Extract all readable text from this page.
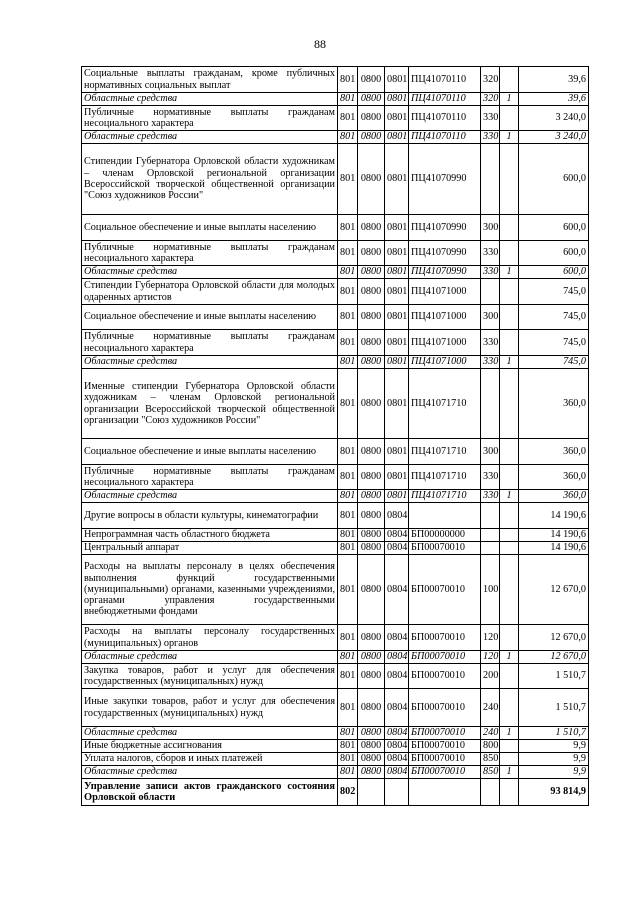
88
Социальные выплаты гражданам, кроме публичных нормативных социальных выплат	801	0800	0801	ПЦ41070110	320		39,6
Областные средства	801	0800	0801	ПЦ41070110	320	1	39,6
Публичные нормативные выплаты гражданам несоциального характера	801	0800	0801	ПЦ41070110	330		3 240,0
Областные средства	801	0800	0801	ПЦ41070110	330	1	3 240,0
Стипендии Губернатора Орловской области художникам – членам Орловской региональной организации Всероссийской творческой общественной организации "Союз художников России"	801	0800	0801	ПЦ41070990			600,0
Социальное обеспечение и иные выплаты населению	801	0800	0801	ПЦ41070990	300		600,0
Публичные нормативные выплаты гражданам несоциального характера	801	0800	0801	ПЦ41070990	330		600,0
Областные средства	801	0800	0801	ПЦ41070990	330	1	600,0
Стипендии Губернатора Орловской области для молодых одаренных артистов	801	0800	0801	ПЦ41071000			745,0
Социальное обеспечение и иные выплаты населению	801	0800	0801	ПЦ41071000	300		745,0
Публичные нормативные выплаты гражданам несоциального характера	801	0800	0801	ПЦ41071000	330		745,0
Областные средства	801	0800	0801	ПЦ41071000	330	1	745,0
Именные стипендии Губернатора Орловской области художникам – членам Орловской региональной организации Всероссийской творческой общественной организации "Союз художников России"	801	0800	0801	ПЦ41071710			360,0
Социальное обеспечение и иные выплаты населению	801	0800	0801	ПЦ41071710	300		360,0
Публичные нормативные выплаты гражданам несоциального характера	801	0800	0801	ПЦ41071710	330		360,0
Областные средства	801	0800	0801	ПЦ41071710	330	1	360,0
Другие вопросы в области культуры, кинематографии	801	0800	0804				14 190,6
Непрограммная часть областного бюджета	801	0800	0804	БП00000000			14 190,6
Центральный аппарат	801	0800	0804	БП00070010			14 190,6
Расходы на выплаты персоналу в целях обеспечения выполнения функций государственными (муниципальными) органами, казенными учреждениями, органами управления государственными внебюджетными фондами	801	0800	0804	БП00070010	100		12 670,0
Расходы на выплаты персоналу государственных (муниципальных) органов	801	0800	0804	БП00070010	120		12 670,0
Областные средства	801	0800	0804	БП00070010	120	1	12 670,0
Закупка товаров, работ и услуг для обеспечения государственных (муниципальных) нужд	801	0800	0804	БП00070010	200		1 510,7
Иные закупки товаров, работ и услуг для обеспечения государственных (муниципальных) нужд	801	0800	0804	БП00070010	240		1 510,7
Областные средства	801	0800	0804	БП00070010	240	1	1 510,7
Иные бюджетные ассигнования	801	0800	0804	БП00070010	800		9,9
Уплата налогов, сборов и иных платежей	801	0800	0804	БП00070010	850		9,9
Областные средства	801	0800	0804	БП00070010	850	1	9,9
Управление записи актов гражданского состояния Орловской области	802						93 814,9
